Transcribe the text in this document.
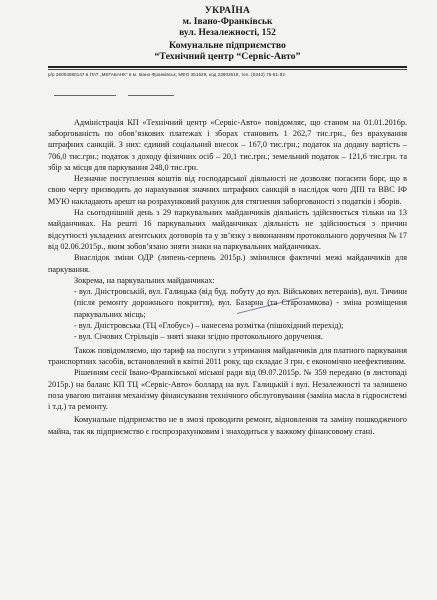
УКРАЇНА
м. Івано-Франківськ
вул. Незалежності, 152
Комунальне підприємство
“Технічний центр “Сервіс-Авто”
р/р 26004080147 в ПАТ „МЕГАБАНК” в м. Івано-Франківськ, МФО 351629, код 23802618, тел. (0342) 75-51-92

Адміністрація КП «Технічний центр «Сервіс-Авто» повідомляє, що станом на 01.01.2016р. заборгованість по обов’язкових платежах і зборах становить 1 262,7 тис.грн., без врахування штрафних санкцій. З них: єдиний соціальний внесок – 167,0 тис.грн.; податок на додану вартість – 706,0 тис.грн.; податок з доходу фізичних осіб – 20,1 тис.грн.; земельний податок – 121,6 тис.грн. та збір за місця для паркування 248,0 тис.грн.

Незначне поступлення коштів від господарської діяльності не дозволяє погасити борг, що в свою чергу призводить до нарахування значних штрафних санкцій в наслідок чого ДПІ та ВВС ІФ МУЮ накладають арешт на розрахунковий рахунок для стягнення заборгованості з податків і зборів.

На сьогоднішній день з 29 паркувальних майданчиків діяльність здійснюється тільки на 13 майданчиках. На решті 16 паркувальних майданчиках діяльність не здійснюється з причин відсутності укладених агентських договорів та у зв’язку з виконанням протокольного доручення № 17 від 02.06.2015р., яким зобов’язано зняти знаки на паркувальних майданчиках.

Внаслідок зміни ОДР (липень-серпень 2015р.) змінилися фактичні межі майданчиків для паркування.

Зокрема, на паркувальних майданчиках:

- вул. Дністровській, вул. Галицька (від буд. побуту до вул. Військових ветеранів), вул. Тичини (після ремонту дорожнього покриття), вул. Базарна (та Старозамкова) - зміна розміщення паркувальних місць;

- вул. Дністровська (ТЦ «Глобус») – нанесена розмітка (пішохідний перехід);

- вул. Січових Стрільців – зняті знаки згідно протокольного доручення.

Також повідомляємо, що тариф на послуги з утримання майданчиків для платного паркування транспортних засобів, встановлений в квітні 2011 року, що складає 3 грн. є економічно неефективним.

Рішенням сесії Івано-Франківської міської ради від 09.07.2015р. № 359 передано (в листопаді 2015р.) на баланс КП ТЦ «Сервіс-Авто» боллард на вул. Галицькій і вул. Незалежності та залишено поза увагою питання механізму фінансування технічного обслуговування (заміна масла в гідросистемі і т.д.) та ремонту.

Комунальне підприємство не в змозі проводити ремонт, відновлення та заміну пошкодженого майна, так як підприємство є госпрозрахунковим і знаходиться у важкому фінансовому стані.
